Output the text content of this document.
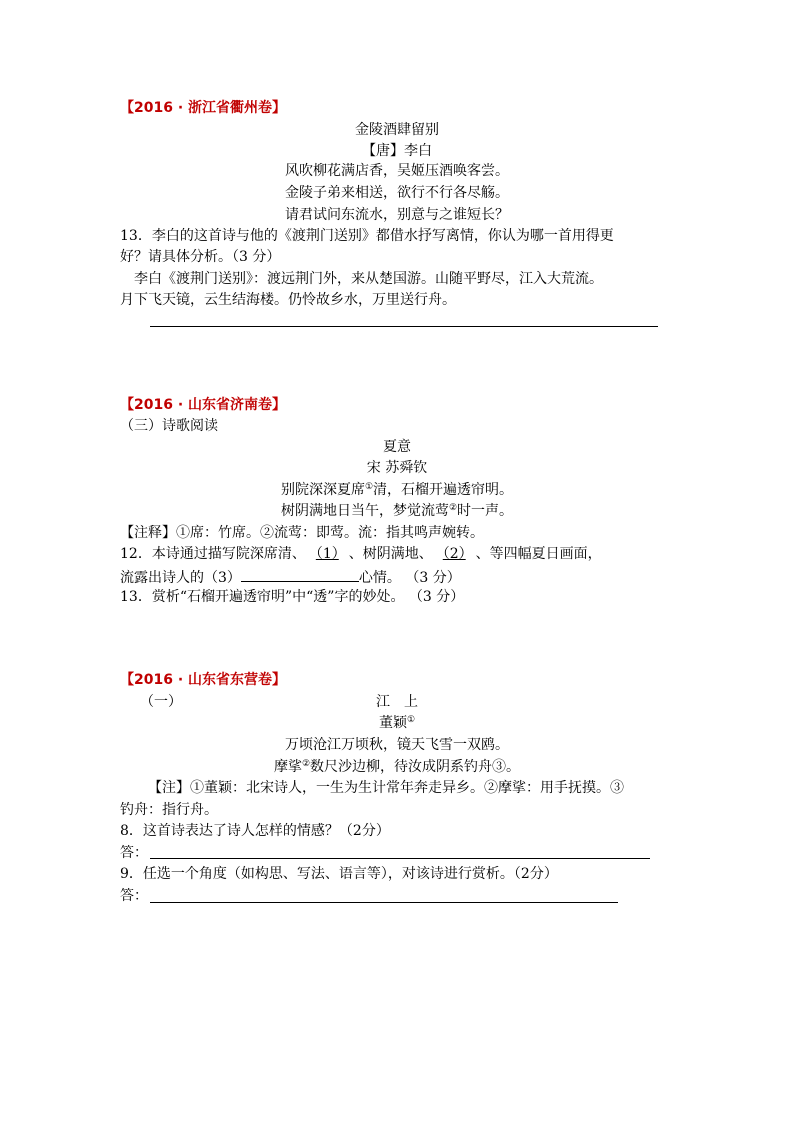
【2016 · 浙江省衢州卷】
金陵酒肆留别
【唐】李白
风吹柳花满店香，吴姬压酒唤客尝。
金陵子弟来相送，欲行不行各尽觞。
请君试问东流水，别意与之谁短长？
13．李白的这首诗与他的《渡荆门送别》都借水抒写离情，你认为哪一首用得更
好？请具体分析。（3 分）
李白《渡荆门送别》：渡远荆门外，来从楚国游。山随平野尽，江入大荒流。
月下飞天镜，云生结海楼。仍怜故乡水，万里送行舟。
【2016 · 山东省济南卷】
（三）诗歌阅读
夏意
宋 苏舜钦
别院深深夏席①清，石榴开遍透帘明。
树阴满地日当午，梦觉流莺②时一声。
【注释】①席：竹席。②流莺：即莺。流：指其鸣声婉转。
12．本诗通过描写院深席清、 （1） 、树阴满地、 （2） 、等四幅夏日画面，
流露出诗人的（3）	心情。 （3 分）
13．赏析“石榴开遍透帘明”中“透”字的妙处。 （3 分）
【2016 · 山东省东营卷】
（一）	江　上
董颖①
万顷沧江万顷秋，镜天飞雪一双鸥。
摩挲②数尺沙边柳，待汝成阴系钓舟③。
【注】①董颖：北宋诗人，一生为生计常年奔走异乡。②摩挲：用手抚摸。③
钓舟：指行舟。
8．这首诗表达了诗人怎样的情感？（2分）
答：
9．任选一个角度（如构思、写法、语言等），对该诗进行赏析。（2分）
答：
